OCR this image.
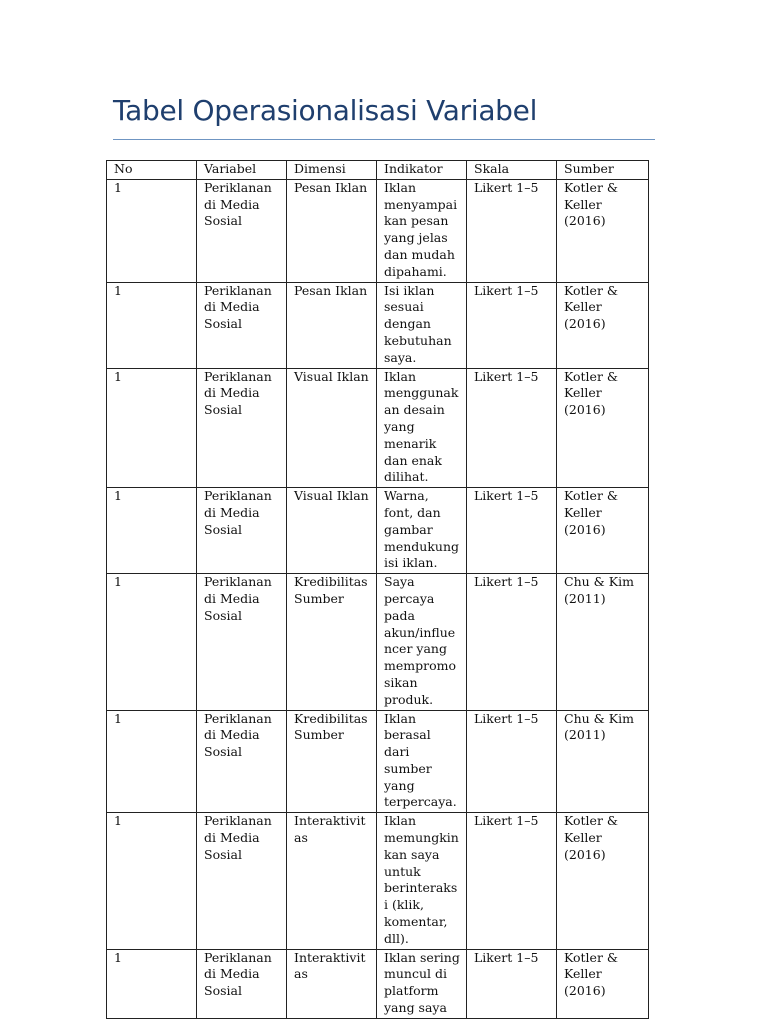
Tabel Operasionalisasi Variabel
No	Variabel	Dimensi	Indikator	Skala	Sumber
1	Periklanan di Media Sosial	Pesan Iklan	Iklan menyampaikan pesan yang jelas dan mudah dipahami.	Likert 1–5	Kotler & Keller (2016)
1	Periklanan di Media Sosial	Pesan Iklan	Isi iklan sesuai dengan kebutuhan saya.	Likert 1–5	Kotler & Keller (2016)
1	Periklanan di Media Sosial	Visual Iklan	Iklan menggunakan desain yang menarik dan enak dilihat.	Likert 1–5	Kotler & Keller (2016)
1	Periklanan di Media Sosial	Visual Iklan	Warna, font, dan gambar mendukung isi iklan.	Likert 1–5	Kotler & Keller (2016)
1	Periklanan di Media Sosial	Kredibilitas Sumber	Saya percaya pada akun/influencer yang mempromosikan produk.	Likert 1–5	Chu & Kim (2011)
1	Periklanan di Media Sosial	Kredibilitas Sumber	Iklan berasal dari sumber yang terpercaya.	Likert 1–5	Chu & Kim (2011)
1	Periklanan di Media Sosial	Interaktivitas	Iklan memungkinkan saya untuk berinteraksi (klik, komentar, dll).	Likert 1–5	Kotler & Keller (2016)
1	Periklanan di Media Sosial	Interaktivitas	Iklan sering muncul di platform yang saya	Likert 1–5	Kotler & Keller (2016)
